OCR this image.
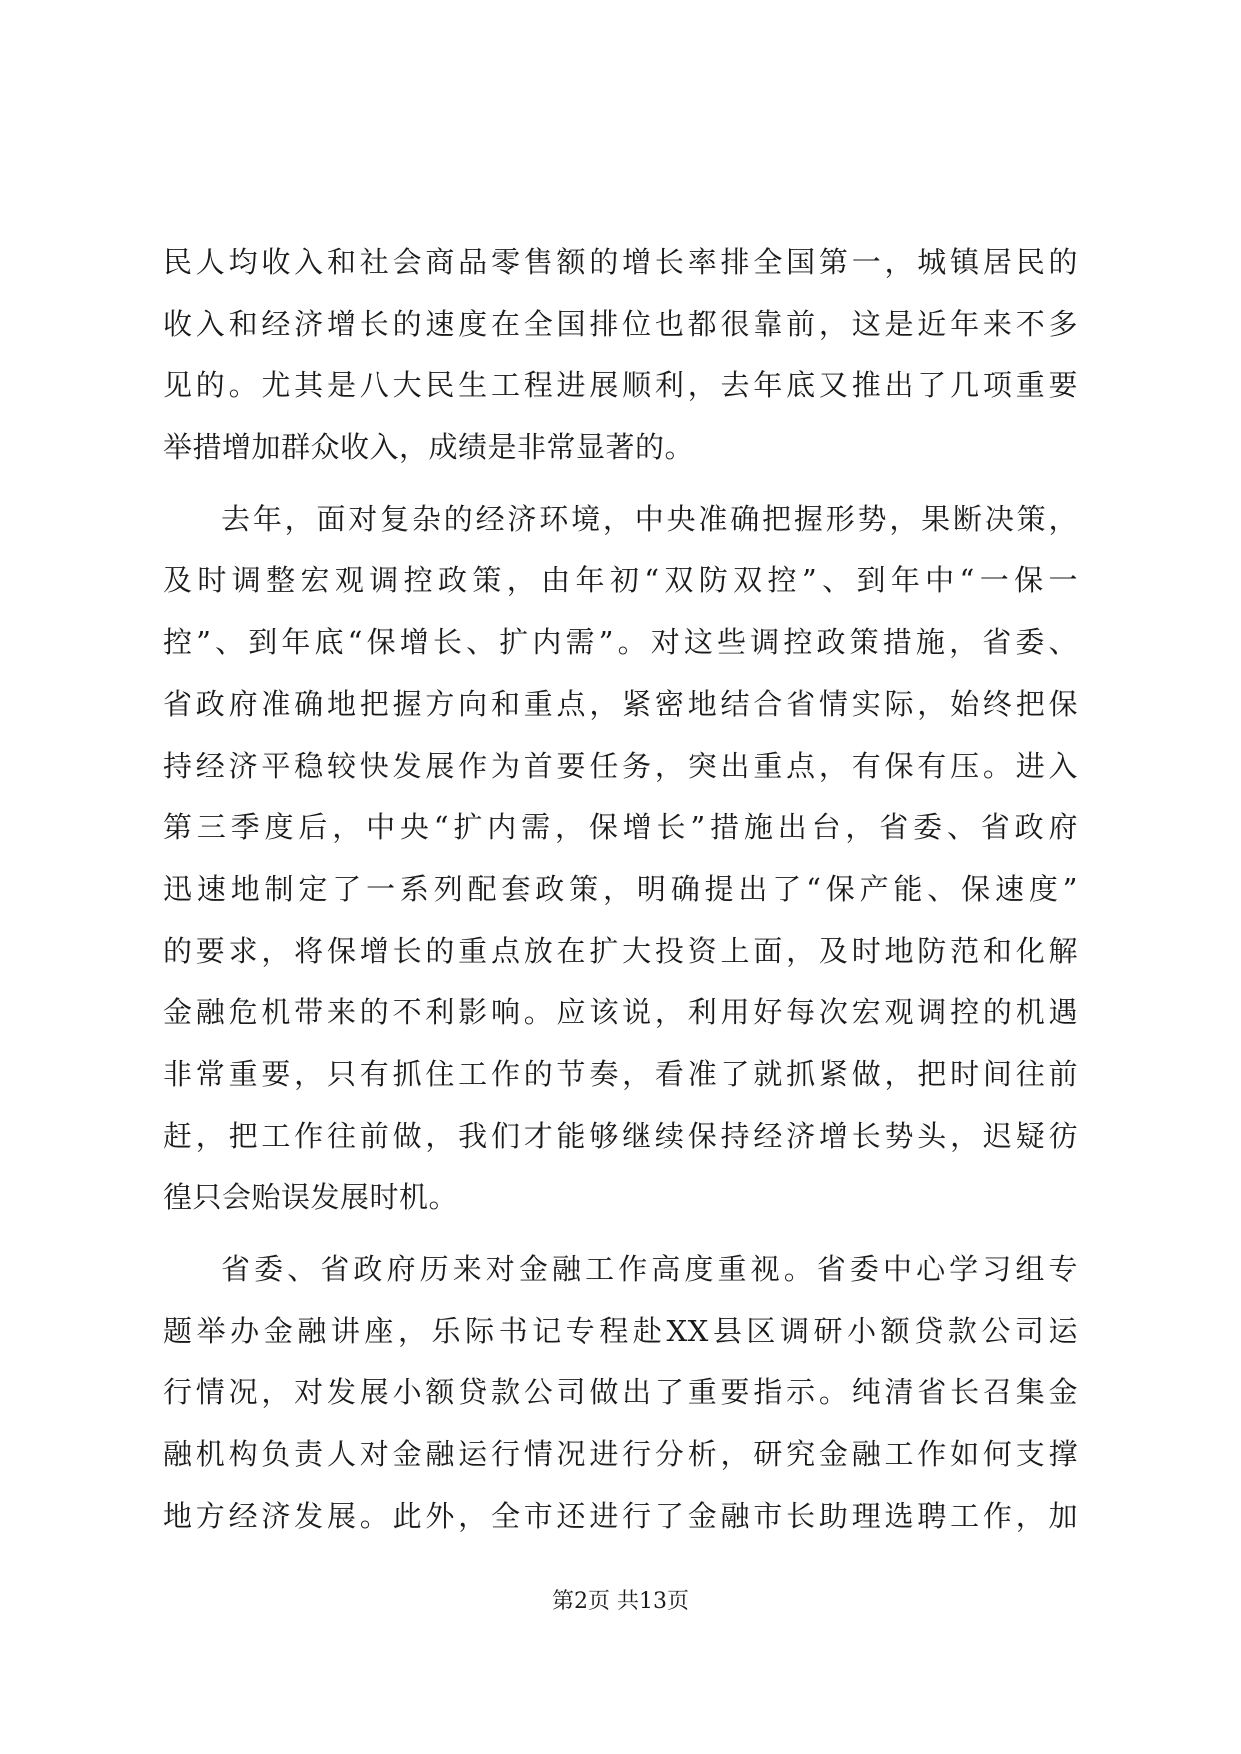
民人均收入和社会商品零售额的增长率排全国第一，城镇居民的
收入和经济增长的速度在全国排位也都很靠前，这是近年来不多
见的。尤其是八大民生工程进展顺利，去年底又推出了几项重要
举措增加群众收入，成绩是非常显著的。
去年，面对复杂的经济环境，中央准确把握形势，果断决策，
及时调整宏观调控政策，由年初“双防双控”、到年中“一保一
控”、到年底“保增长、扩内需”。对这些调控政策措施，省委、
省政府准确地把握方向和重点，紧密地结合省情实际，始终把保
持经济平稳较快发展作为首要任务，突出重点，有保有压。进入
第三季度后，中央“扩内需，保增长”措施出台，省委、省政府
迅速地制定了一系列配套政策，明确提出了“保产能、保速度”
的要求，将保增长的重点放在扩大投资上面，及时地防范和化解
金融危机带来的不利影响。应该说，利用好每次宏观调控的机遇
非常重要，只有抓住工作的节奏，看准了就抓紧做，把时间往前
赶，把工作往前做，我们才能够继续保持经济增长势头，迟疑彷
徨只会贻误发展时机。
省委、省政府历来对金融工作高度重视。省委中心学习组专
题举办金融讲座，乐际书记专程赴XX县区调研小额贷款公司运
行情况，对发展小额贷款公司做出了重要指示。纯清省长召集金
融机构负责人对金融运行情况进行分析，研究金融工作如何支撑
地方经济发展。此外，全市还进行了金融市长助理选聘工作，加
第2页 共13页
